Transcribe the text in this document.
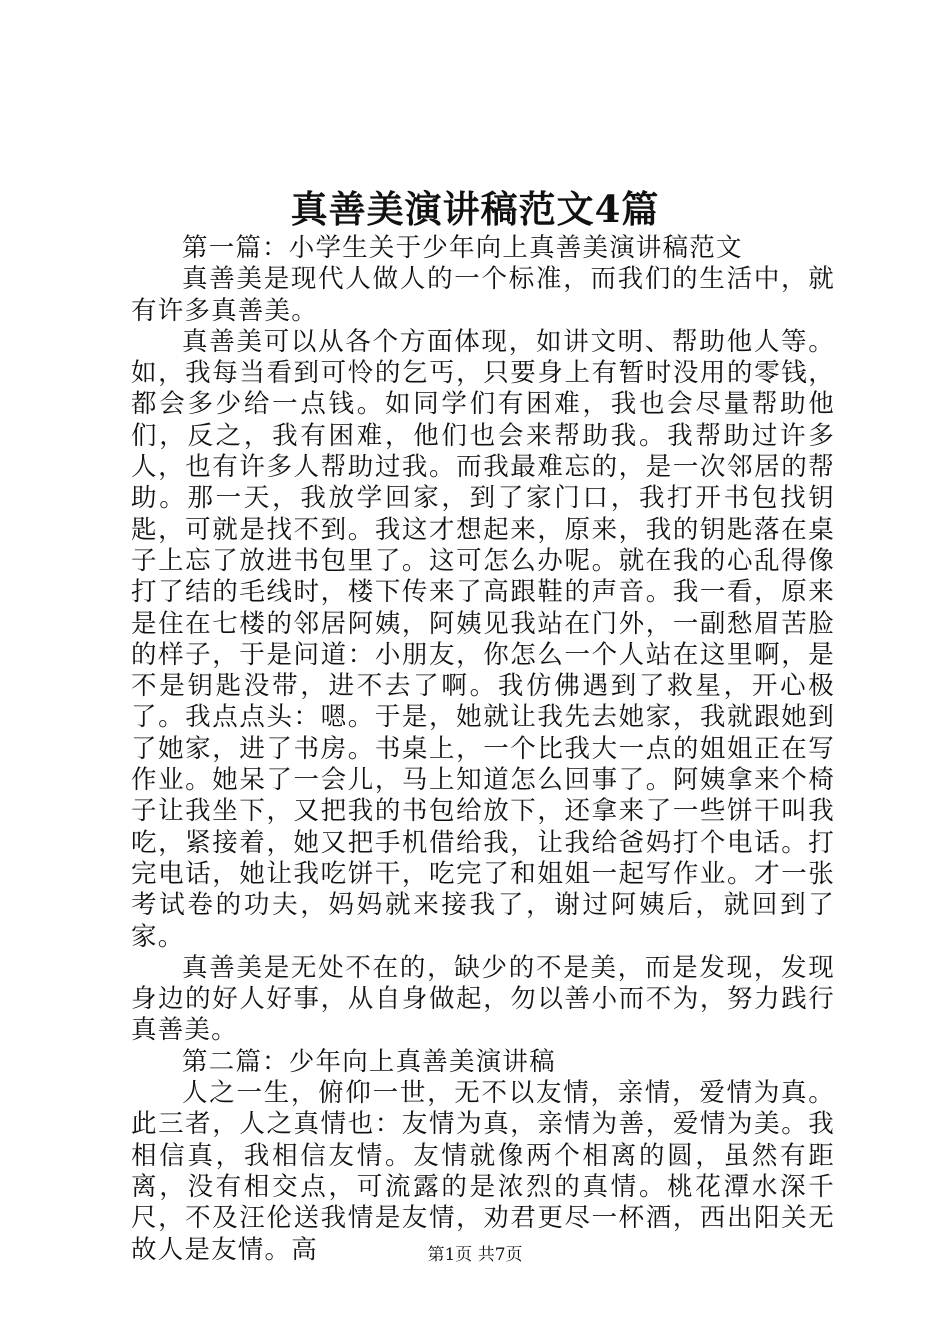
真善美演讲稿范文4篇

第一篇：小学生关于少年向上真善美演讲稿范文

真善美是现代人做人的一个标准，而我们的生活中，就有许多真善美。

真善美可以从各个方面体现，如讲文明、帮助他人等。如，我每当看到可怜的乞丐，只要身上有暂时没用的零钱，都会多少给一点钱。如同学们有困难，我也会尽量帮助他们，反之，我有困难，他们也会来帮助我。我帮助过许多人，也有许多人帮助过我。而我最难忘的，是一次邻居的帮助。那一天，我放学回家，到了家门口，我打开书包找钥匙，可就是找不到。我这才想起来，原来，我的钥匙落在桌子上忘了放进书包里了。这可怎么办呢。就在我的心乱得像打了结的毛线时，楼下传来了高跟鞋的声音。我一看，原来是住在七楼的邻居阿姨，阿姨见我站在门外，一副愁眉苦脸的样子，于是问道：小朋友，你怎么一个人站在这里啊，是不是钥匙没带，进不去了啊。我仿佛遇到了救星，开心极了。我点点头：嗯。于是，她就让我先去她家，我就跟她到了她家，进了书房。书桌上，一个比我大一点的姐姐正在写作业。她呆了一会儿，马上知道怎么回事了。阿姨拿来个椅子让我坐下，又把我的书包给放下，还拿来了一些饼干叫我吃，紧接着，她又把手机借给我，让我给爸妈打个电话。打完电话，她让我吃饼干，吃完了和姐姐一起写作业。才一张考试卷的功夫，妈妈就来接我了，谢过阿姨后，就回到了家。

真善美是无处不在的，缺少的不是美，而是发现，发现身边的好人好事，从自身做起，勿以善小而不为，努力践行真善美。

第二篇：少年向上真善美演讲稿

人之一生，俯仰一世，无不以友情，亲情，爱情为真。此三者，人之真情也：友情为真，亲情为善，爱情为美。我相信真，我相信友情。友情就像两个相离的圆，虽然有距离，没有相交点，可流露的是浓烈的真情。桃花潭水深千尺，不及汪伦送我情是友情，劝君更尽一杯酒，西出阳关无故人是友情。高	第1页 共7页
